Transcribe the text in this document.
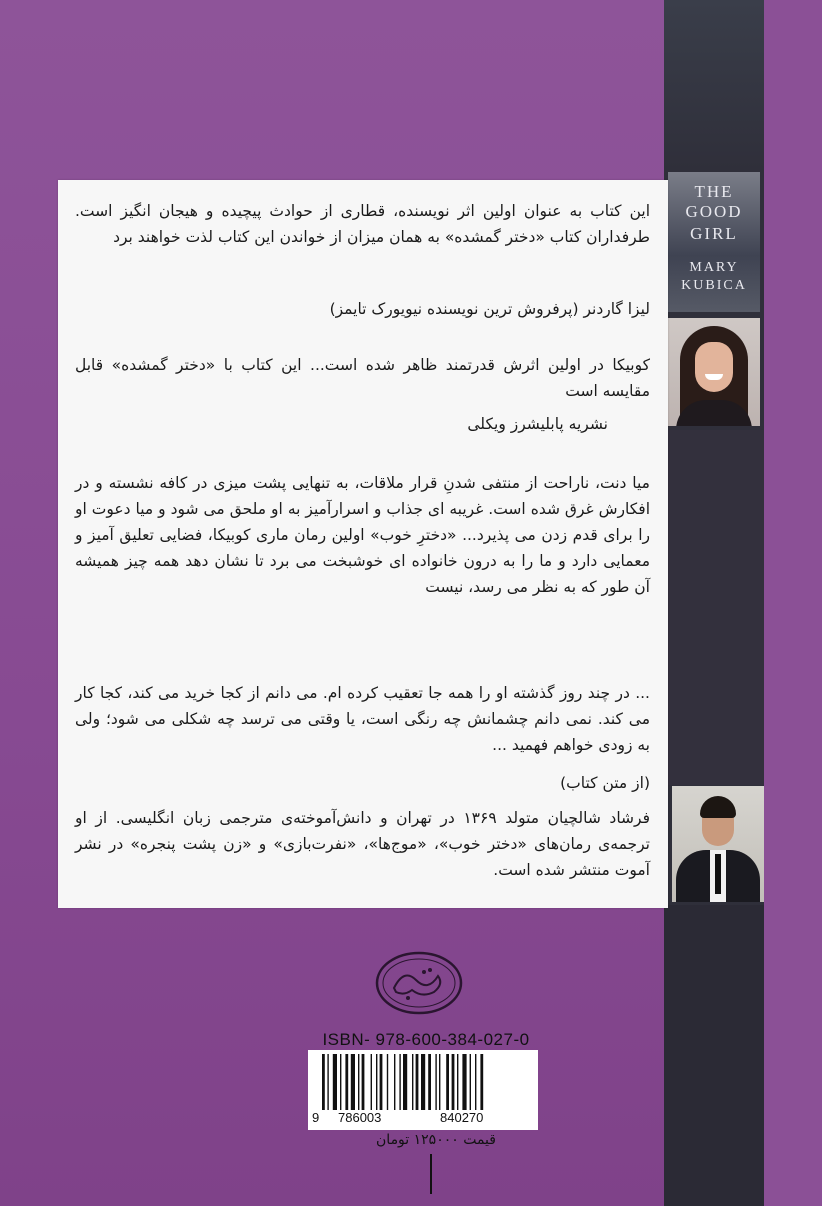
THE
GOOD
GIRL
MARY
KUBICA
این کتاب به عنوان اولین اثر نویسنده، قطاری از حوادث پیچیده و هیجان انگیز است. طرفداران کتاب «دختر گمشده» به همان میزان از خواندن این کتاب لذت خواهند برد
لیزا گاردنر (پرفروش ترین نویسنده نیویورک تایمز)
کوبیکا در اولین اثرش قدرتمند ظاهر شده است... این کتاب با «دختر گمشده» قابل مقایسه است
نشریه پابلیشرز ویکلی
میا دنت، ناراحت از منتفی شدنِ قرار ملاقات، به تنهایی پشت میزی در کافه نشسته و در افکارش غرق شده است. غریبه ای جذاب و اسرارآمیز به او ملحق می شود و میا دعوت او را برای قدم زدن می پذیرد... «دخترِ خوب» اولین رمان ماری کوبیکا، فضایی تعلیق آمیز و معمایی دارد و ما را به درون خانواده ای خوشبخت می برد تا نشان دهد همه چیز همیشه آن طور که به نظر می رسد، نیست
... در چند روز گذشته او را همه جا تعقیب کرده ام. می دانم از کجا خرید می کند، کجا کار می کند. نمی دانم چشمانش چه رنگی است، یا وقتی می ترسد چه شکلی می شود؛ ولی به زودی خواهم فهمید ...
(از متن کتاب)
فرشاد شالچیان متولد ۱۳۶۹ در تهران و دانش‌آموخته‌ی مترجمی زبان انگلیسی. از او ترجمه‌ی رمان‌های «دختر خوب»، «موج‌ها»، «نفرت‌بازی» و «زن پشت پنجره» در نشر آموت منتشر شده است.
ISBN- 978-600-384-027-0
9 786003	840270
قیمت ۱۲۵۰۰۰ تومان
